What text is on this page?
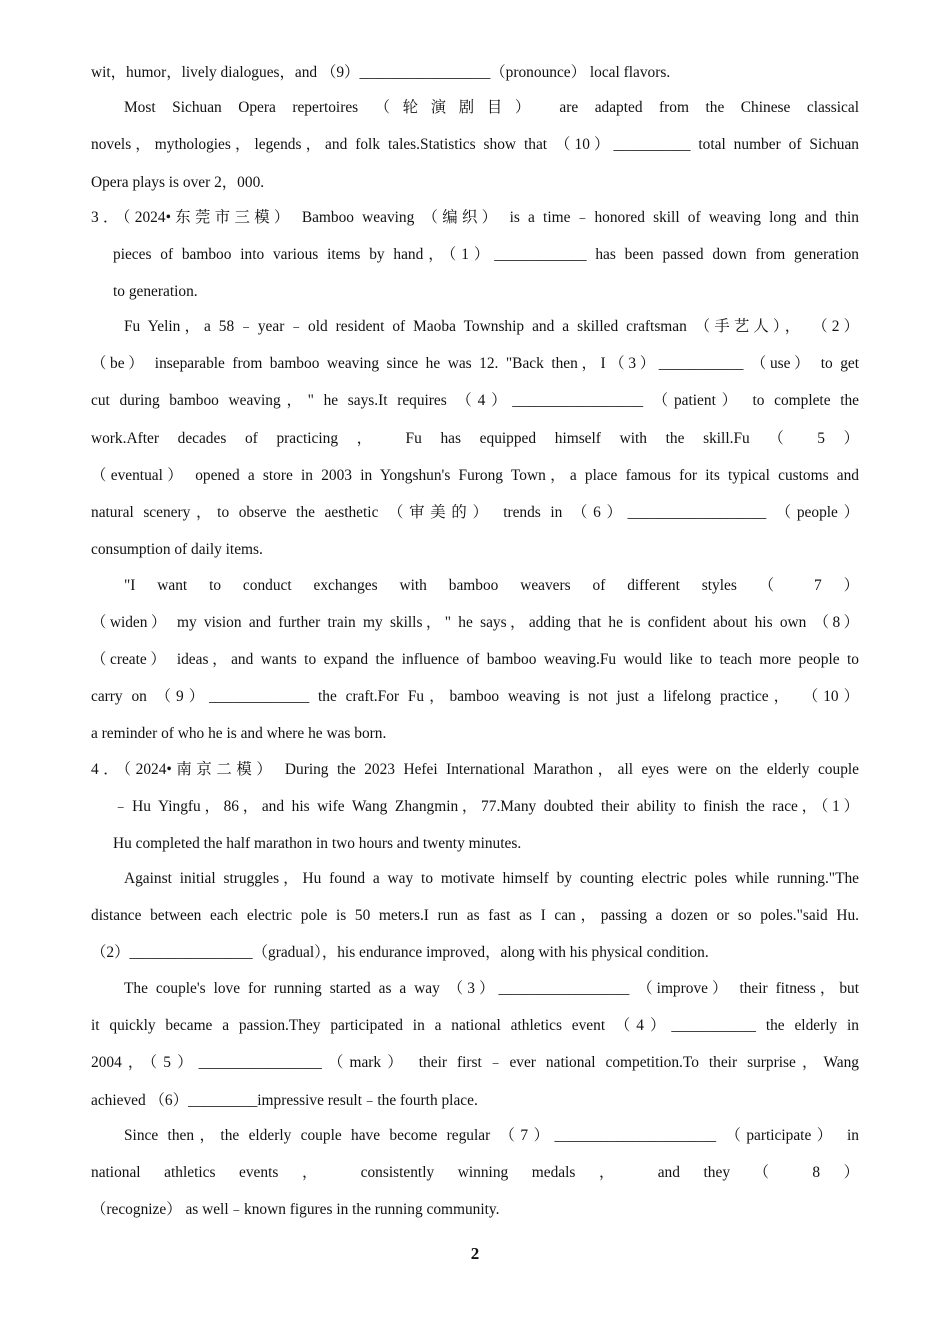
wit，humor，lively dialogues，and （9）_________________（pronounce） local flavors.
Most Sichuan Opera repertoires （轮演剧目） are adapted from the Chinese classical
novels，mythologies，legends，and folk tales.Statistics show that （10）__________ total number of Sichuan
Opera plays is over 2，000.
3．（2024•东莞市三模） Bamboo weaving （编织） is a time﹣honored skill of weaving long and thin
pieces of bamboo into various items by hand，（1）____________ has been passed down from generation
to generation.
Fu Yelin，a 58﹣year﹣old resident of Maoba Township and a skilled craftsman （手艺人）， （2）
（be） inseparable from bamboo weaving since he was 12. "Back then，I（3）___________ （use） to get
cut during bamboo weaving，" he says.It requires （4）_________________ （patient） to complete the
work.After decades of practicing ， Fu has equipped himself with the skill.Fu （ 5 ）
（eventual） opened a store in 2003 in Yongshun's Furong Town，a place famous for its typical customs and
natural scenery，to observe the aesthetic （审美的） trends in （6）__________________ （people）
consumption of daily items.
"I want to conduct exchanges with bamboo weavers of different styles （ 7 ）
（widen） my vision and further train my skills，" he says，adding that he is confident about his own （8）
（create） ideas，and wants to expand the influence of bamboo weaving.Fu would like to teach more people to
carry on （9）_____________ the craft.For Fu，bamboo weaving is not just a lifelong practice， （10）
a reminder of who he is and where he was born.
4．（2024•南京二模） During the 2023 Hefei International Marathon，all eyes were on the elderly couple
﹣Hu Yingfu，86，and his wife Wang Zhangmin，77.Many doubted their ability to finish the race，（1）
Hu completed the half marathon in two hours and twenty minutes.
Against initial struggles，Hu found a way to motivate himself by counting electric poles while running."The
distance between each electric pole is 50 meters.I run as fast as I can，passing a dozen or so poles."said Hu.
（2）________________（gradual），his endurance improved，along with his physical condition.
The couple's love for running started as a way （3）_________________ （improve） their fitness，but
it quickly became a passion.They participated in a national athletics event （4）___________ the elderly in
2004，（5）________________（mark） their first﹣ever national competition.To their surprise，Wang
achieved （6）_________impressive result﹣the fourth place.
Since then，the elderly couple have become regular （7）_____________________ （participate） in
national athletics events ， consistently winning medals ， and they （ 8 ）
（recognize） as well﹣known figures in the running community.
2
